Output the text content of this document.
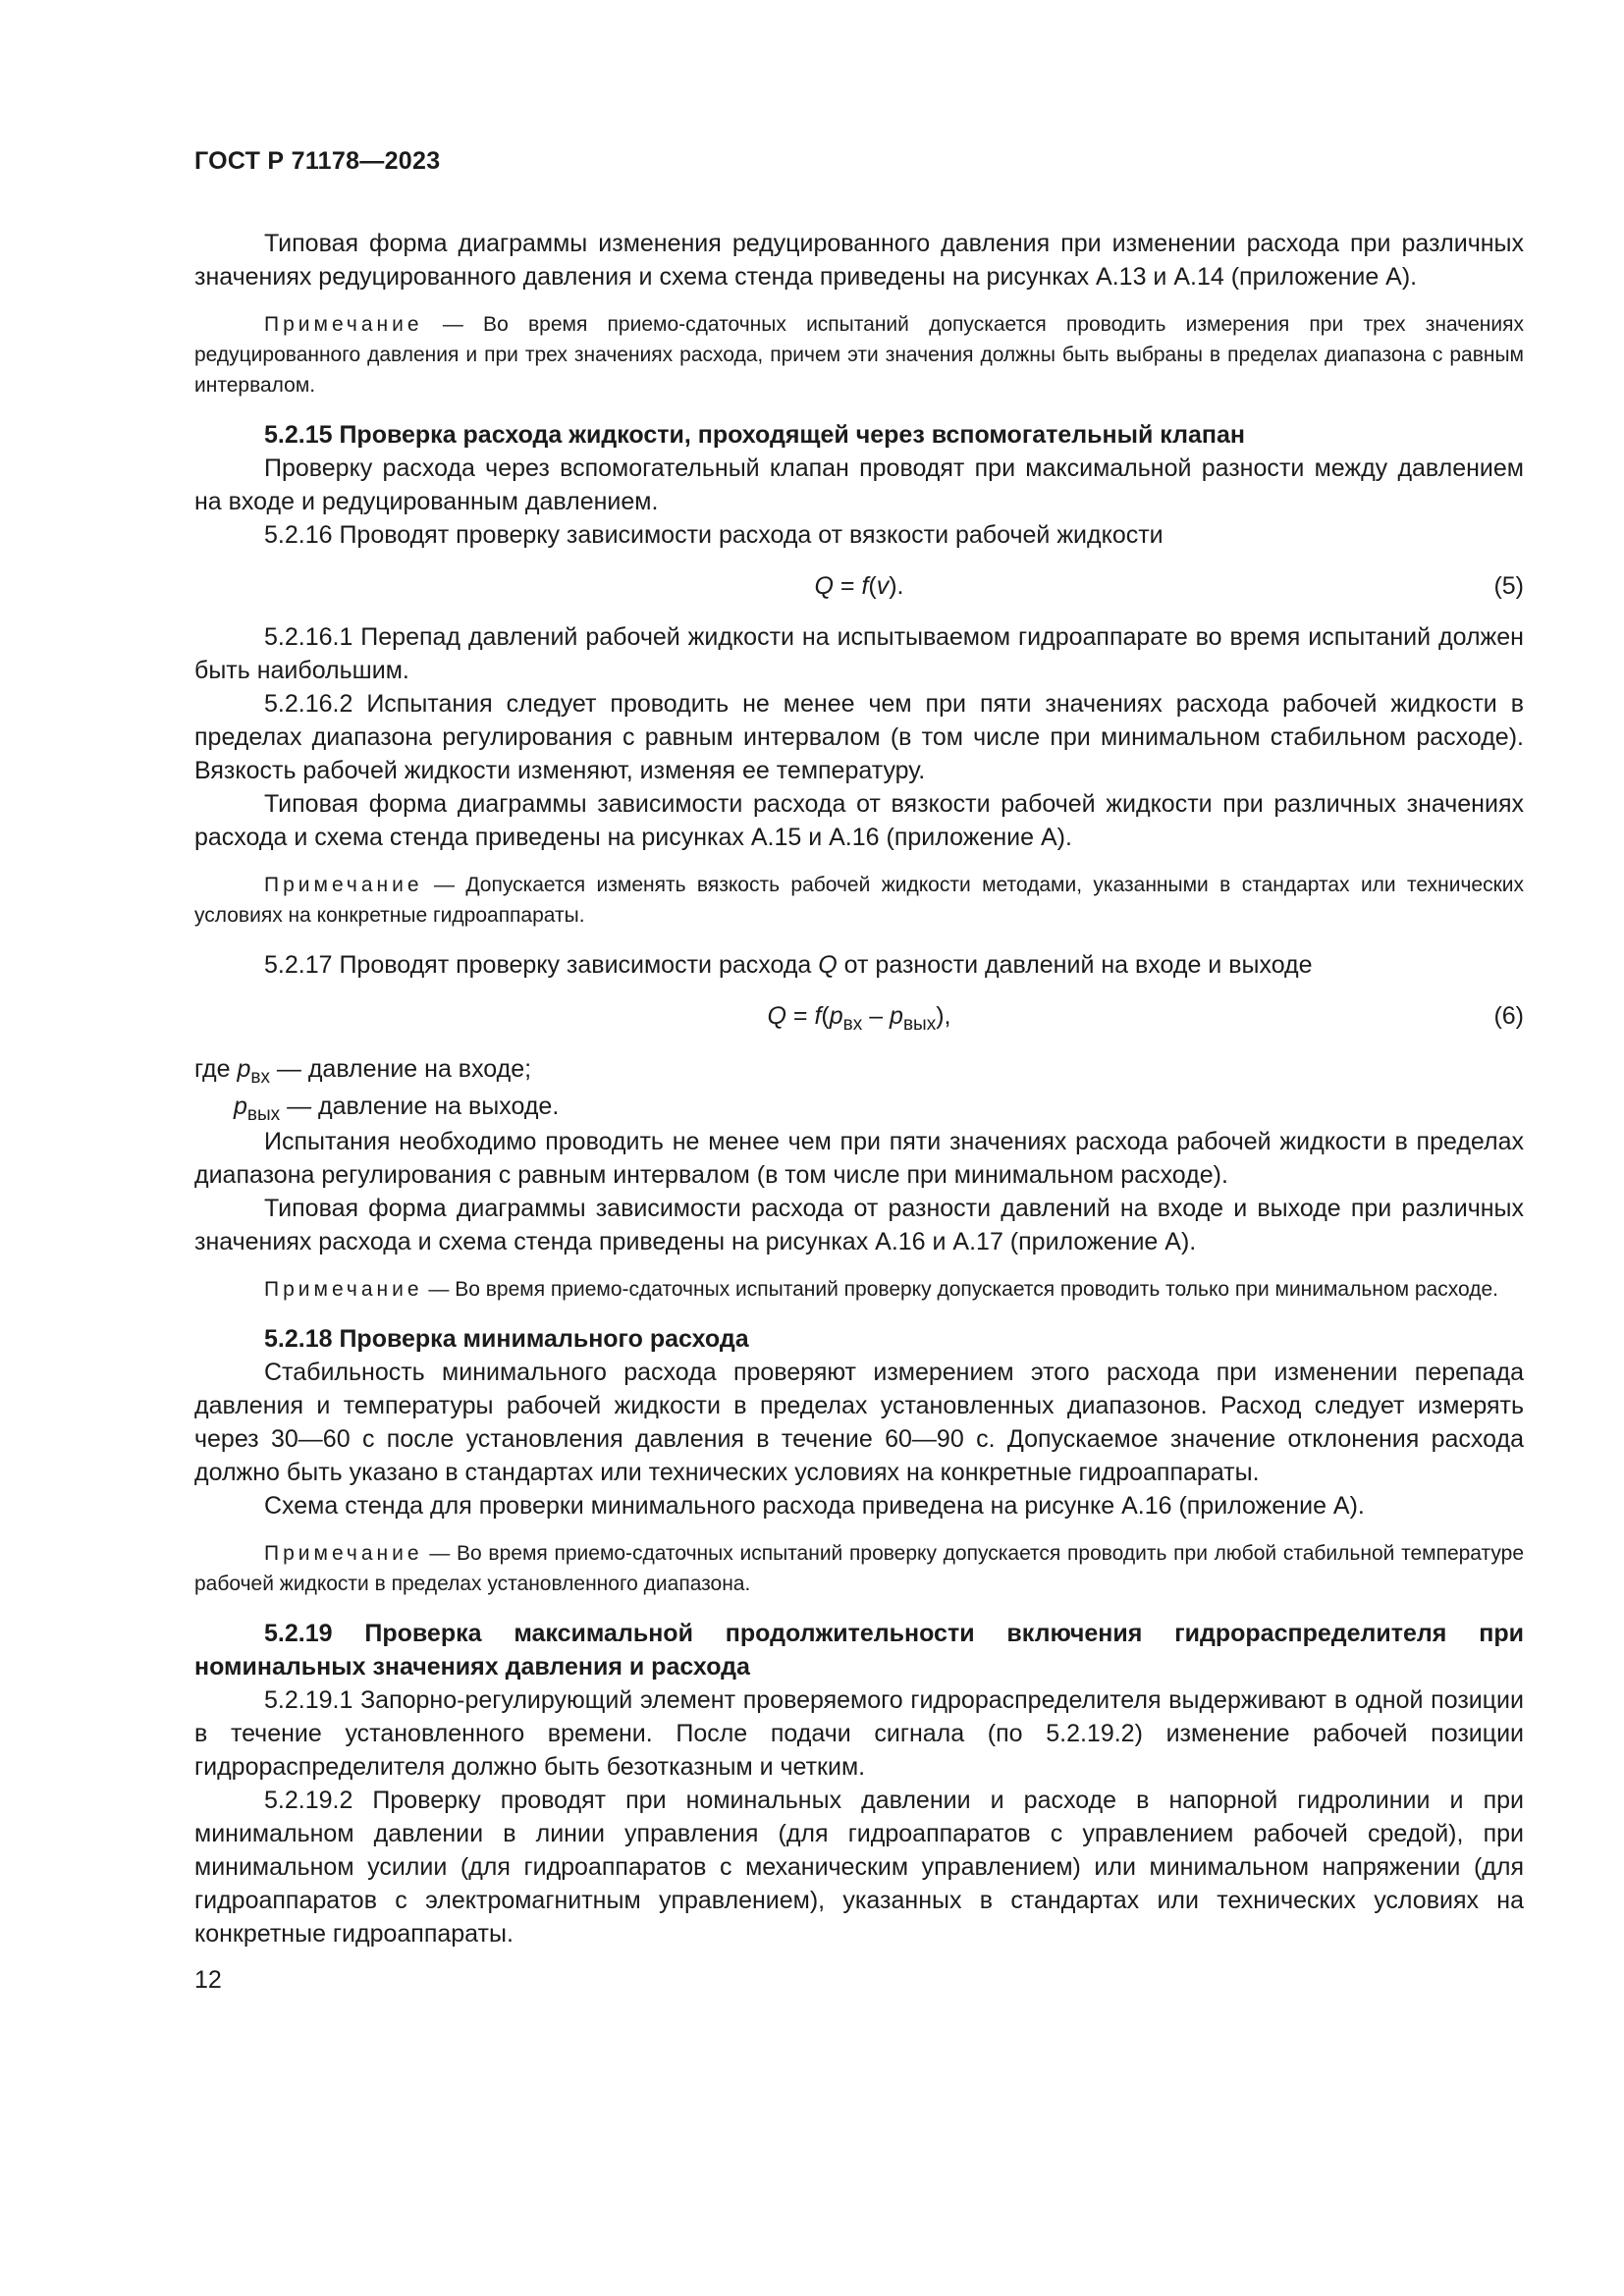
ГОСТ Р 71178—2023

Типовая форма диаграммы изменения редуцированного давления при изменении расхода при различных значениях редуцированного давления и схема стенда приведены на рисунках А.13 и А.14 (приложение А).

Примечание — Во время приемо-сдаточных испытаний допускается проводить измерения при трех значениях редуцированного давления и при трех значениях расхода, причем эти значения должны быть выбраны в пределах диапазона с равным интервалом.

5.2.15 Проверка расхода жидкости, проходящей через вспомогательный клапан

Проверку расхода через вспомогательный клапан проводят при максимальной разности между давлением на входе и редуцированным давлением.

5.2.16 Проводят проверку зависимости расхода от вязкости рабочей жидкости

Q = f(v).	(5)

5.2.16.1 Перепад давлений рабочей жидкости на испытываемом гидроаппарате во время испытаний должен быть наибольшим.

5.2.16.2 Испытания следует проводить не менее чем при пяти значениях расхода рабочей жидкости в пределах диапазона регулирования с равным интервалом (в том числе при минимальном стабильном расходе). Вязкость рабочей жидкости изменяют, изменяя ее температуру.

Типовая форма диаграммы зависимости расхода от вязкости рабочей жидкости при различных значениях расхода и схема стенда приведены на рисунках А.15 и А.16 (приложение А).

Примечание — Допускается изменять вязкость рабочей жидкости методами, указанными в стандартах или технических условиях на конкретные гидроаппараты.

5.2.17 Проводят проверку зависимости расхода Q от разности давлений на входе и выходе

$Q = f(p_{вх} - p_{вых})$,	(6)
где $p_{вх}$ — давление на входе;
$p_{вых}$ — давление на выходе.

Испытания необходимо проводить не менее чем при пяти значениях расхода рабочей жидкости в пределах диапазона регулирования с равным интервалом (в том числе при минимальном расходе).

Типовая форма диаграммы зависимости расхода от разности давлений на входе и выходе при различных значениях расхода и схема стенда приведены на рисунках А.16 и А.17 (приложение А).

Примечание — Во время приемо-сдаточных испытаний проверку допускается проводить только при минимальном расходе.

5.2.18 Проверка минимального расхода

Стабильность минимального расхода проверяют измерением этого расхода при изменении перепада давления и температуры рабочей жидкости в пределах установленных диапазонов. Расход следует измерять через 30—60 с после установления давления в течение 60—90 с. Допускаемое значение отклонения расхода должно быть указано в стандартах или технических условиях на конкретные гидроаппараты.

Схема стенда для проверки минимального расхода приведена на рисунке А.16 (приложение А).

Примечание — Во время приемо-сдаточных испытаний проверку допускается проводить при любой стабильной температуре рабочей жидкости в пределах установленного диапазона.

5.2.19 Проверка максимальной продолжительности включения гидрораспределителя при номинальных значениях давления и расхода

5.2.19.1 Запорно-регулирующий элемент проверяемого гидрораспределителя выдерживают в одной позиции в течение установленного времени. После подачи сигнала (по 5.2.19.2) изменение рабочей позиции гидрораспределителя должно быть безотказным и четким.

5.2.19.2 Проверку проводят при номинальных давлении и расходе в напорной гидролинии и при минимальном давлении в линии управления (для гидроаппаратов с управлением рабочей средой), при минимальном усилии (для гидроаппаратов с механическим управлением) или минимальном напряжении (для гидроаппаратов с электромагнитным управлением), указанных в стандартах или технических условиях на конкретные гидроаппараты.

12
